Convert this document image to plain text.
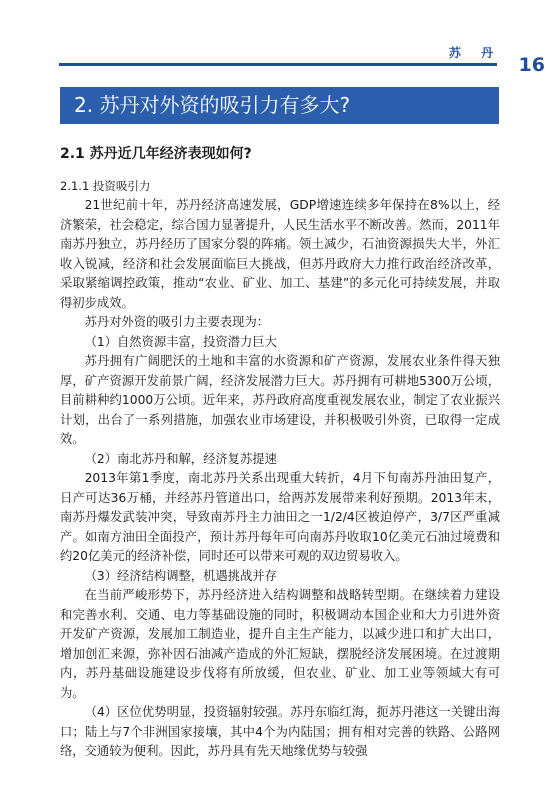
苏 丹
16
2. 苏丹对外资的吸引力有多大?
2.1 苏丹近几年经济表现如何?
2.1.1 投资吸引力

21世纪前十年，苏丹经济高速发展，GDP增速连续多年保持在8%以上，经济繁荣，社会稳定，综合国力显著提升，人民生活水平不断改善。然而，2011年南苏丹独立，苏丹经历了国家分裂的阵痛。领土减少，石油资源损失大半，外汇收入锐减，经济和社会发展面临巨大挑战，但苏丹政府大力推行政治经济改革，采取紧缩调控政策，推动“农业、矿业、加工、基建”的多元化可持续发展，并取得初步成效。

苏丹对外资的吸引力主要表现为：

（1）自然资源丰富，投资潜力巨大

苏丹拥有广阔肥沃的土地和丰富的水资源和矿产资源，发展农业条件得天独厚，矿产资源开发前景广阔，经济发展潜力巨大。苏丹拥有可耕地5300万公顷，目前耕种约1000万公顷。近年来，苏丹政府高度重视发展农业，制定了农业振兴计划，出台了一系列措施，加强农业市场建设，并积极吸引外资，已取得一定成效。

（2）南北苏丹和解，经济复苏提速

2013年第1季度，南北苏丹关系出现重大转折，4月下旬南苏丹油田复产，日产可达36万桶，并经苏丹管道出口，给两苏发展带来利好预期。2013年末，南苏丹爆发武装冲突，导致南苏丹主力油田之一1/2/4区被迫停产，3/7区严重减产。如南方油田全面投产，预计苏丹每年可向南苏丹收取10亿美元石油过境费和约20亿美元的经济补偿，同时还可以带来可观的双边贸易收入。

（3）经济结构调整，机遇挑战并存

在当前严峻形势下，苏丹经济进入结构调整和战略转型期。在继续着力建设和完善水利、交通、电力等基础设施的同时，积极调动本国企业和大力引进外资开发矿产资源，发展加工制造业，提升自主生产能力，以减少进口和扩大出口，增加创汇来源，弥补因石油减产造成的外汇短缺，摆脱经济发展困境。在过渡期内，苏丹基础设施建设步伐将有所放缓，但农业、矿业、加工业等领域大有可为。

（4）区位优势明显，投资辐射较强。苏丹东临红海，扼苏丹港这一关键出海口；陆上与7个非洲国家接壤，其中4个为内陆国；拥有相对完善的铁路、公路网络，交通较为便利。因此，苏丹具有先天地缘优势与较强
